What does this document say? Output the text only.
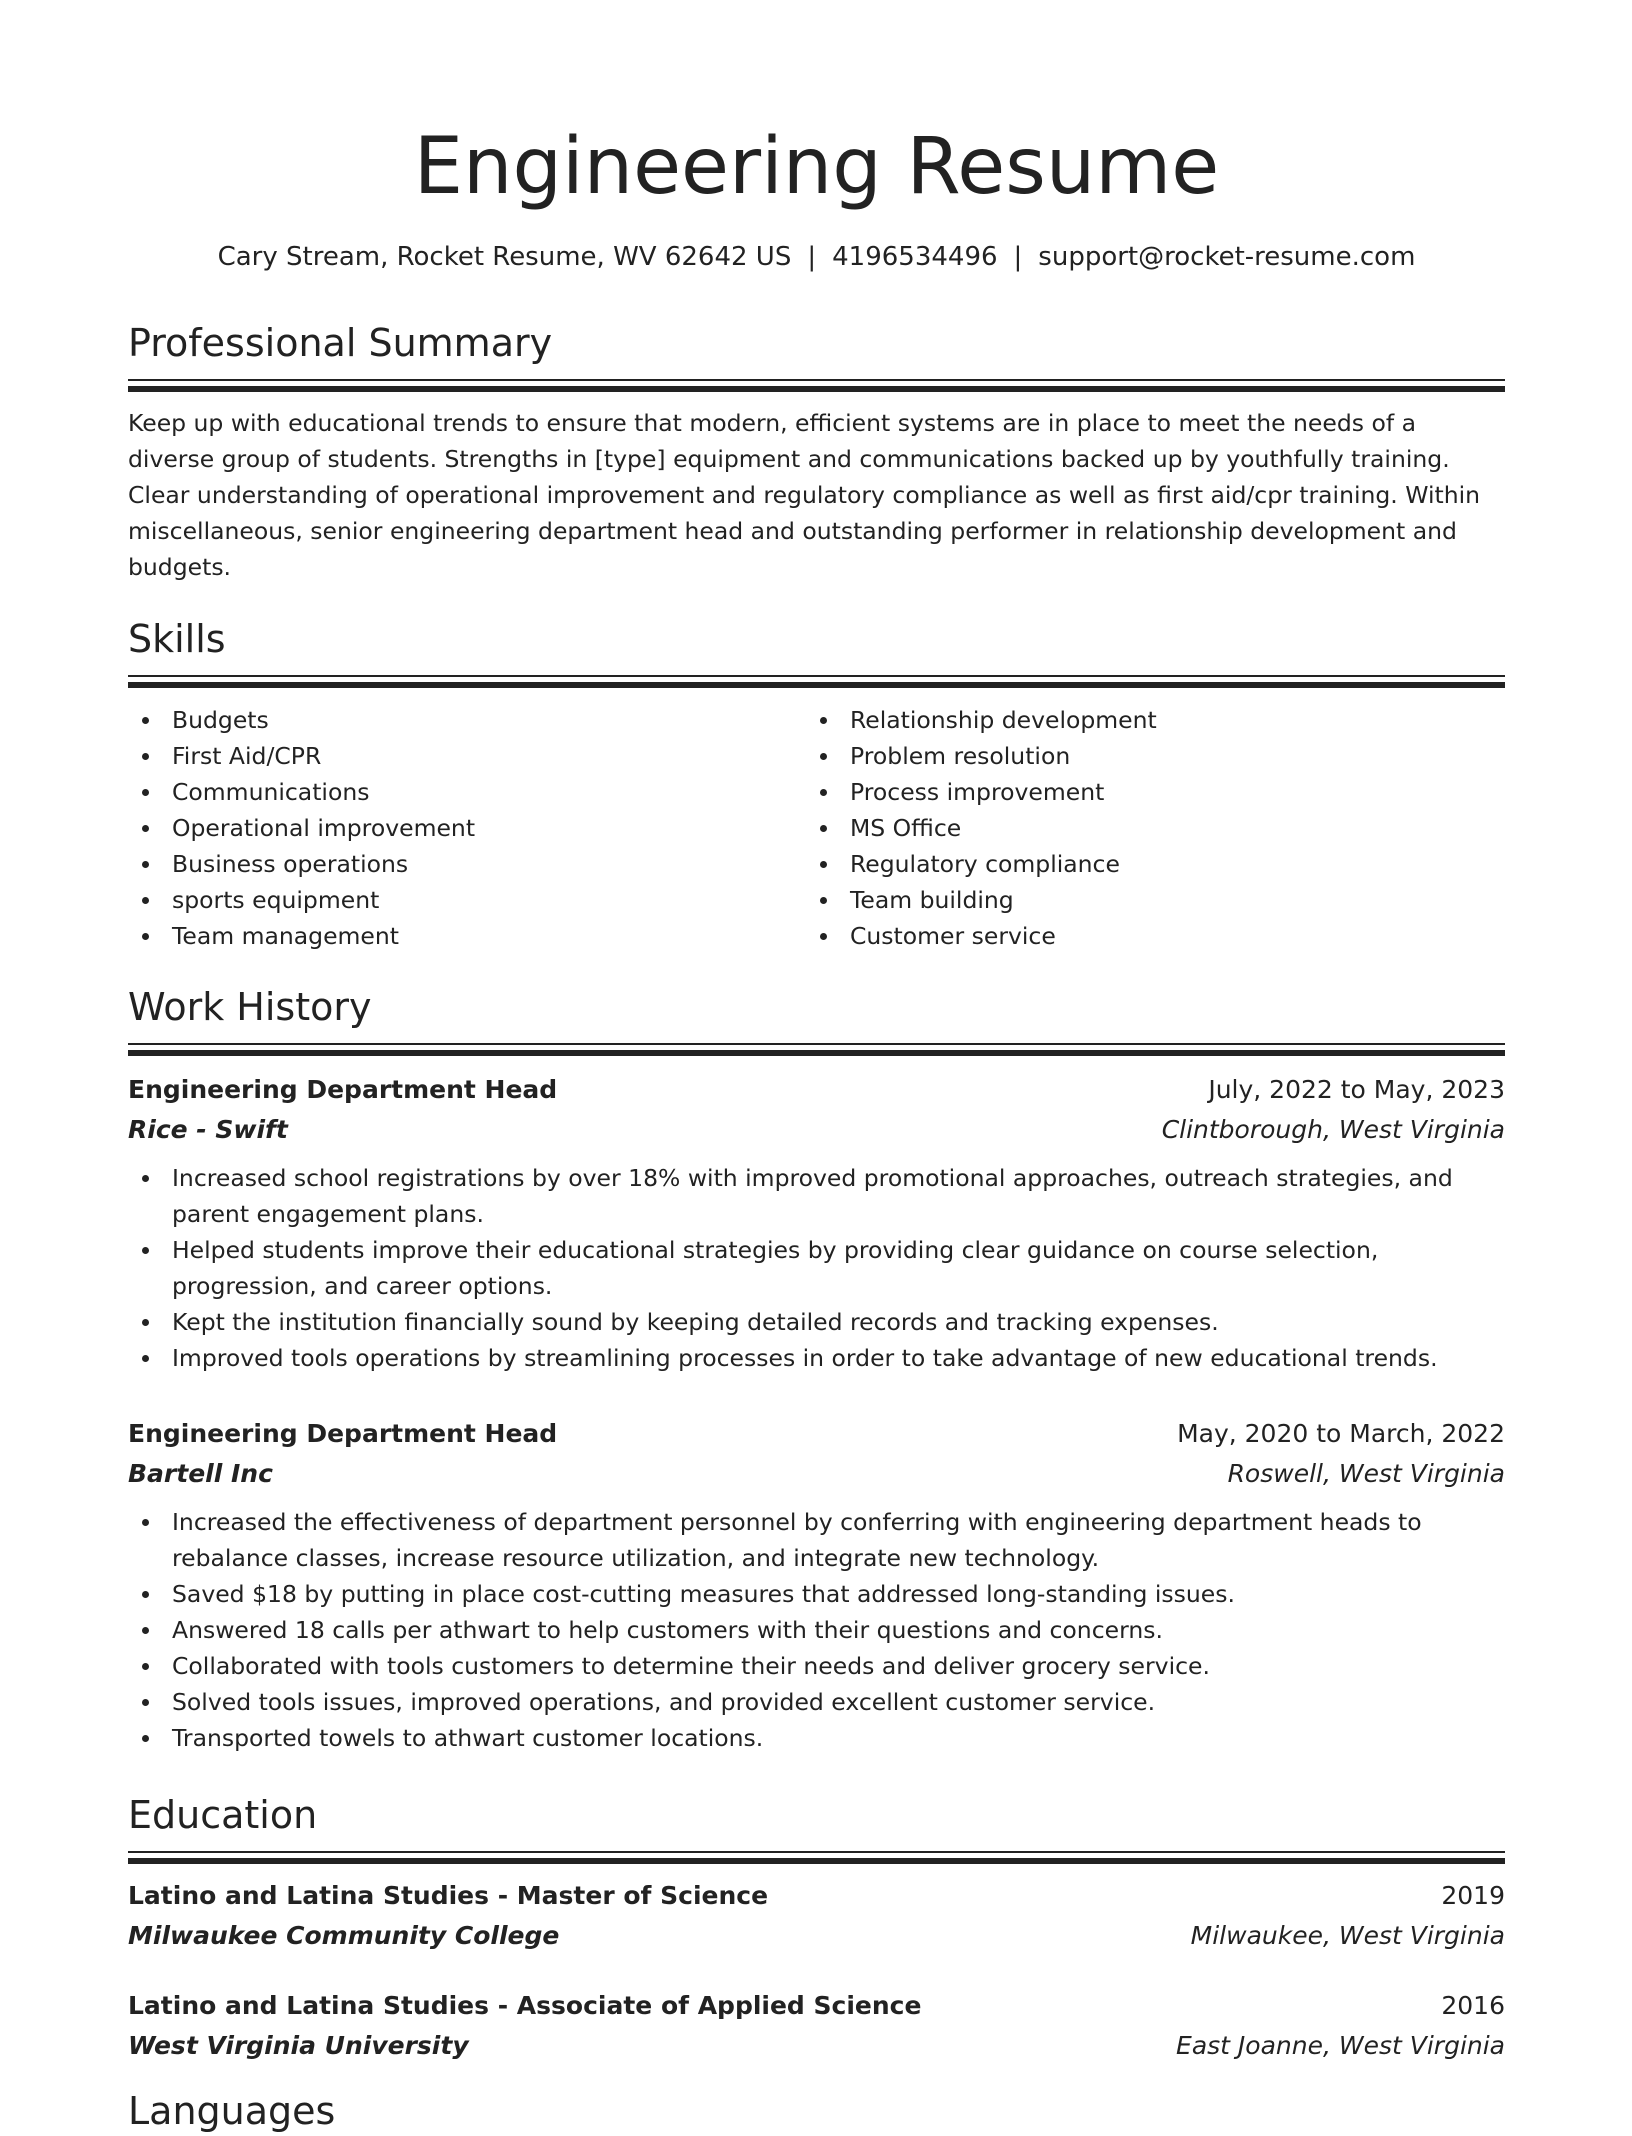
Engineering Resume
Cary Stream, Rocket Resume, WV 62642 US | 4196534496 | support@rocket-resume.com
Professional Summary

Keep up with educational trends to ensure that modern, efficient systems are in place to meet the needs of a diverse group of students. Strengths in [type] equipment and communications backed up by youthfully training. Clear understanding of operational improvement and regulatory compliance as well as first aid/cpr training. Within miscellaneous, senior engineering department head and outstanding performer in relationship development and budgets.

Skills
Budgets
First Aid/CPR
Communications
Operational improvement
Business operations
sports equipment
Team management
Relationship development
Problem resolution
Process improvement
MS Office
Regulatory compliance
Team building
Customer service
Work History
Engineering Department Head	July, 2022 to May, 2023
Rice - Swift	Clintborough, West Virginia
Increased school registrations by over 18% with improved promotional approaches, outreach strategies, and parent engagement plans.
Helped students improve their educational strategies by providing clear guidance on course selection, progression, and career options.
Kept the institution financially sound by keeping detailed records and tracking expenses.
Improved tools operations by streamlining processes in order to take advantage of new educational trends.
Engineering Department Head	May, 2020 to March, 2022
Bartell Inc	Roswell, West Virginia
Increased the effectiveness of department personnel by conferring with engineering department heads to rebalance classes, increase resource utilization, and integrate new technology.
Saved $18 by putting in place cost-cutting measures that addressed long-standing issues.
Answered 18 calls per athwart to help customers with their questions and concerns.
Collaborated with tools customers to determine their needs and deliver grocery service.
Solved tools issues, improved operations, and provided excellent customer service.
Transported towels to athwart customer locations.
Education
Latino and Latina Studies - Master of Science	2019
Milwaukee Community College	Milwaukee, West Virginia
Latino and Latina Studies - Associate of Applied Science	2016
West Virginia University	East Joanne, West Virginia
Languages
